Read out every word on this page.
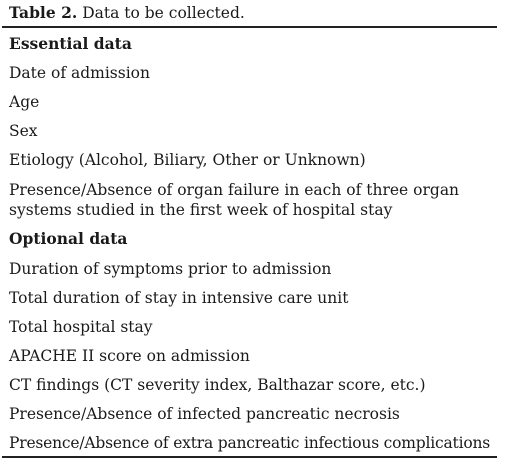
Table 2. Data to be collected.
Essential data
Date of admission
Age
Sex
Etiology (Alcohol, Biliary, Other or Unknown)
Presence/Absence of organ failure in each of three organ systems studied in the first week of hospital stay
Optional data
Duration of symptoms prior to admission
Total duration of stay in intensive care unit
Total hospital stay
APACHE II score on admission
CT findings (CT severity index, Balthazar score, etc.)
Presence/Absence of infected pancreatic necrosis
Presence/Absence of extra pancreatic infectious complications
